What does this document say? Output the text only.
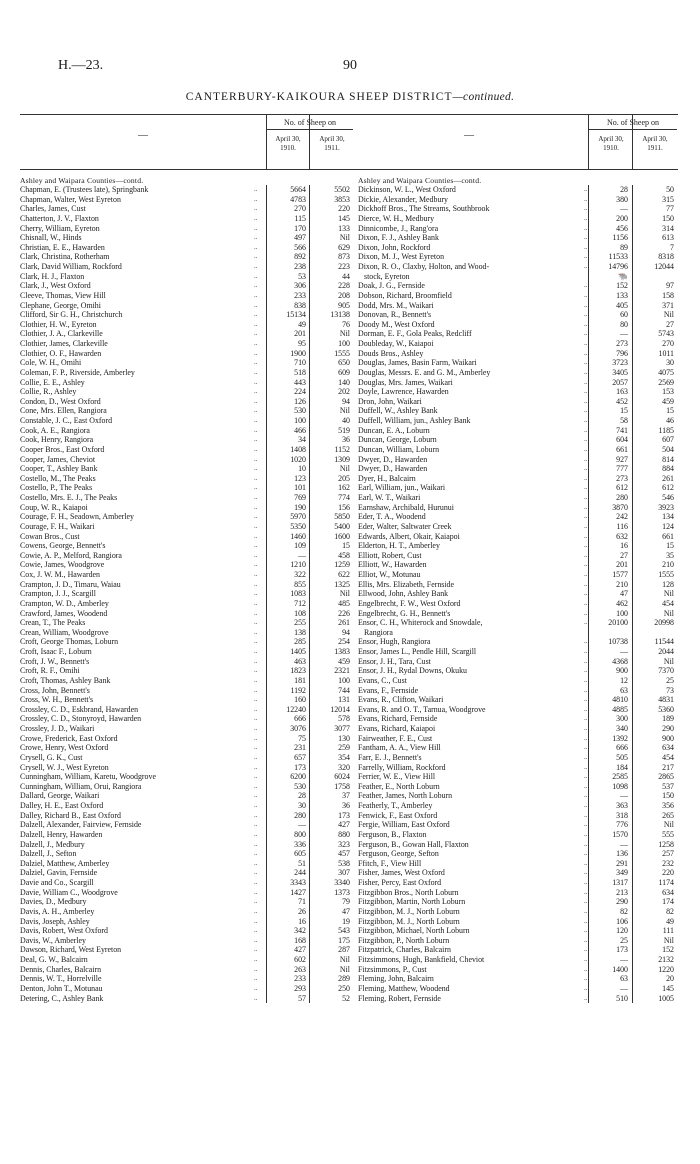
H.—23.	90
CANTERBURY-KAIKOURA SHEEP DISTRICT—continued.
—
No. of Sheep on
April 30, 1910.
April 30, 1911.
Ashley and Waipara Counties—contd.
Chapman, E. (Trustees late), Springbank	..	5664	5502
Chapman, Walter, West Eyreton	..	4783	3853
Charles, James, Cust	..	270	220
Chatterton, J. V., Flaxton	..	115	145
Cherry, William, Eyreton	..	170	133
Chisnall, W., Hinds	..	497	Nil
Christian, E. E., Hawarden	..	566	629
Clark, Christina, Rotherham	..	892	873
Clark, David William, Rockford	..	238	223
Clark, H. J., Flaxton	..	53	44
Clark, J., West Oxford	..	306	228
Cleeve, Thomas, View Hill	..	233	208
Clephane, George, Omihi	..	838	905
Clifford, Sir G. H., Christchurch	..	15134	13138
Clothier, H. W., Eyreton	..	49	76
Clothier, J. A., Clarkeville	..	201	Nil
Clothier, James, Clarkeville	..	95	100
Clothier, O. F., Hawarden	..	1900	1555
Cole, W. H., Omihi	..	710	650
Coleman, F. P., Riverside, Amberley	..	518	609
Collie, E. E., Ashley	..	443	140
Collie, R., Ashley	..	224	202
Condon, D., West Oxford	..	126	94
Cone, Mrs. Ellen, Rangiora	..	530	Nil
Constable, J. C., East Oxford	..	100	40
Cook, A. E., Rangiora	..	466	519
Cook, Henry, Rangiora	..	34	36
Cooper Bros., East Oxford	..	1408	1152
Cooper, James, Cheviot	..	1020	1309
Cooper, T., Ashley Bank	..	10	Nil
Costello, M., The Peaks	..	123	205
Costello, P., The Peaks	..	101	162
Costello, Mrs. E. J., The Peaks	..	769	774
Coup, W. R., Kaiapoi	..	190	156
Courage, F. H., Seadown, Amberley	..	5970	5850
Courage, F. H., Waikari	..	5350	5400
Cowan Bros., Cust	..	1460	1600
Cowens, George, Bennett's	..	109	15
Cowie, A. P., Melford, Rangiora	..	—	458
Cowie, James, Woodgrove	..	1210	1259
Cox, J. W. M., Hawarden	..	322	622
Crampton, J. D., Timaru, Waiau	..	855	1325
Crampton, J. J., Scargill	..	1083	Nil
Crampton, W. D., Amberley	..	712	485
Crawford, James, Woodend	..	108	226
Crean, T., The Peaks	..	255	261
Crean, William, Woodgrove	..	138	94
Croft, George Thomas, Loburn	..	285	254
Croft, Isaac F., Loburn	..	1405	1383
Croft, J. W., Bennett's	..	463	459
Croft, R. F., Omihi	..	1823	2321
Croft, Thomas, Ashley Bank	..	181	100
Cross, John, Bennett's	..	1192	744
Cross, W. H., Bennett's	..	160	131
Crossley, C. D., Eskbrand, Hawarden	..	12240	12014
Crossley, C. D., Stonyroyd, Hawarden	..	666	578
Crossley, J. D., Waikari	..	3076	3077
Crowe, Frederick, East Oxford	..	75	130
Crowe, Henry, West Oxford	..	231	259
Crysell, G. K., Cust	..	657	354
Crysell, W. J., West Eyreton	..	173	320
Cunningham, William, Karetu, Woodgrove	..	6200	6024
Cunningham, William, Orui, Rangiora	..	530	1758
Dallard, George, Waikari	..	28	37
Dalley, H. E., East Oxford	..	30	36
Dalley, Richard B., East Oxford	..	280	173
Dalzell, Alexander, Fairview, Fernside	..	—	427
Dalzell, Henry, Hawarden	..	800	880
Dalzell, J., Medbury	..	336	323
Dalzell, J., Sefton	..	605	457
Dalziel, Matthew, Amberley	..	51	538
Dalziel, Gavin, Fernside	..	244	307
Davie and Co., Scargill	..	3343	3340
Davie, William C., Woodgrove	..	1427	1373
Davies, D., Medbury	..	71	79
Davis, A. H., Amberley	..	26	47
Davis, Joseph, Ashley	..	16	19
Davis, Robert, West Oxford	..	342	543
Davis, W., Amberley	..	168	175
Dawson, Richard, West Eyreton	..	427	287
Deal, G. W., Balcairn	..	602	Nil
Dennis, Charles, Balcairn	..	263	Nil
Dennis, W. T., Horrelville	..	233	289
Denton, John T., Motunau	..	293	250
Detering, C., Ashley Bank	..	57	52
—
No. of Sheep on
April 30, 1910.
April 30, 1911.
Ashley and Waipara Counties—contd.
Dickinson, W. L., West Oxford	..	28	50
Dickie, Alexander, Medbury	..	380	315
Dickhoff Bros., The Streams, Southbrook	..	—	77
Dierce, W. H., Medbury	..	200	150
Dinnicombe, J., Rang'ora	..	456	314
Dixon, F. J., Ashley Bank	..	1156	613
Dixon, John, Rockford	..	89	7
Dixon, M. J., West Eyreton	..	11533	8318
Dixon, R. O., Claxby, Holton, and Wood-	..	14796	12044
stock, Eyreton	🐃
Doak, J. G., Fernside	..	152	97
Dobson, Richard, Broomfield	..	133	158
Dodd, Mrs. M., Waikari	..	405	371
Donovan, R., Bennett's	..	60	Nil
Doody M., West Oxford	..	80	27
Dorman, E. F., Gola Peaks, Redcliff	..	—	5743
Doubleday, W., Kaiapoi	..	273	270
Douds Bros., Ashley	..	796	1011
Douglas, James, Basin Farm, Waikari	..	3723	30
Douglas, Messrs. E. and G. M., Amberley	..	3405	4075
Douglas, Mrs. James, Waikari	..	2057	2569
Doyle, Lawrence, Hawarden	..	163	153
Dron, John, Waikari	..	452	459
Duffell, W., Ashley Bank	..	15	15
Duffell, William, jun., Ashley Bank	..	58	46
Duncan, E. A., Loburn	..	741	1185
Duncan, George, Loburn	..	604	607
Duncan, William, Loburn	..	661	504
Dwyer, D., Hawarden	..	927	814
Dwyer, D., Hawarden	..	777	884
Dyer, H., Balcairn	..	273	261
Earl, William, jun., Waikari	..	612	612
Earl, W. T., Waikari	..	280	546
Earnshaw, Archibald, Hurunui	..	3870	3923
Eder, T. A., Woodend	..	242	134
Eder, Walter, Saltwater Creek	..	116	124
Edwards, Albert, Okair, Kaiapoi	..	632	661
Elderton, H. T., Amberley	..	16	15
Elliott, Robert, Cust	..	27	35
Elliott, W., Hawarden	..	201	210
Elliot, W., Motunau	..	1577	1555
Ellis, Mrs. Elizabeth, Fernside	..	210	128
Ellwood, John, Ashley Bank	..	47	Nil
Engelbrecht, F. W., West Oxford	..	462	454
Engelbrecht, G. H., Bennett's	..	100	Nil
Ensor, C. H., Whiterock and Snowdale,	..	20100	20998
Rangiora
Ensor, Hugh, Rangiora	..	10738	11544
Ensor, James L., Pendle Hill, Scargill	..	—	2044
Ensor, J. H., Tara, Cust	..	4368	Nil
Ensor, J. H., Rydal Downs, Okuku	..	900	7370
Evans, C., Cust	..	12	25
Evans, F., Fernside	..	63	73
Evans, R., Clifton, Waikari	..	4810	4831
Evans, R. and O. T., Tarnua, Woodgrove	..	4885	5360
Evans, Richard, Fernside	..	300	189
Evans, Richard, Kaiapoi	..	340	290
Fairweather, F. E., Cust	..	1392	900
Fantham, A. A., View Hill	..	666	634
Farr, E. J., Bennett's	..	505	454
Farrelly, William, Rockford	..	184	217
Ferrier, W. E., View Hill	..	2585	2865
Feather, E., North Loburn	..	1098	537
Feather, James, North Loburn	..	—	150
Featherly, T., Amberley	..	363	356
Fenwick, F., East Oxford	..	318	265
Fergie, William, East Oxford	..	776	Nil
Ferguson, B., Flaxton	..	1570	555
Ferguson, B., Gowan Hall, Flaxton	..	—	1258
Ferguson, George, Sefton	..	136	257
Ffitch, F., View Hill	..	291	232
Fisher, James, West Oxford	..	349	220
Fisher, Percy, East Oxford	..	1317	1174
Fitzgibbon Bros., North Loburn	..	213	634
Fitzgibbon, Martin, North Loburn	..	290	174
Fitzgibbon, M. J., North Loburn	..	82	82
Fitzgibbon, M. J., North Loburn	..	106	49
Fitzgibbon, Michael, North Loburn	..	120	111
Fitzgibbon, P., North Loburn	..	25	Nil
Fitzpatrick, Charles, Balcairn	..	173	152
Fitzsimmons, Hugh, Bankfield, Cheviot	..	—	2132
Fitzsimmons, P., Cust	..	1400	1220
Fleming, John, Balcairn	..	63	20
Fleming, Matthew, Woodend	..	—	145
Fleming, Robert, Fernside	..	510	1005
